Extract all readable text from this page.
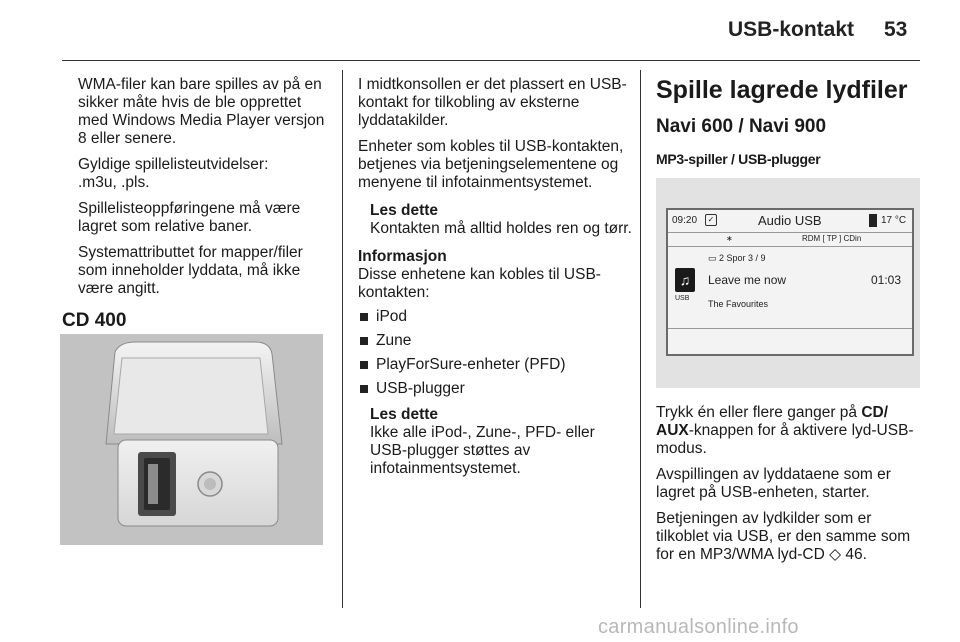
USB-kontakt 53

WMA-filer kan bare spilles av på en sikker måte hvis de ble opprettet med Windows Media Player versjon 8 eller senere.

Gyldige spillelisteutvidelser:
.m3u, .pls.

Spillelisteoppføringene må være lagret som relative baner.

Systemattributtet for mapper/filer som inneholder lyddata, må ikke være angitt.

CD 400

I midtkonsollen er det plassert en USB-kontakt for tilkobling av eksterne lyddatakilder.

Enheter som kobles til USB-kontakten, betjenes via betjeningselementene og menyene til infotainmentsystemet.

Les dette
Kontakten må alltid holdes ren og tørr.
Informasjon

Disse enhetene kan kobles til USB-kontakten:

iPod
Zune
PlayForSure-enheter (PFD)
USB-plugger
Les dette
Ikke alle iPod-, Zune-, PFD- eller USB-plugger støttes av infotainmentsystemet.
Spille lagrede lydfiler
Navi 600 / Navi 900
MP3-spiller / USB-plugger
09:20	✓	Audio USB	17 °C
∗	RDM [ TP ] CDin
▭ 2 Spor 3 / 9
♫
USB
Leave me now	01:03
The Favourites

Trykk én eller flere ganger på CD/
AUX-knappen for å aktivere lyd-USB-modus.

Avspillingen av lyddataene som er lagret på USB-enheten, starter.

Betjeningen av lydkilder som er tilkoblet via USB, er den samme som for en MP3/WMA lyd-CD ◇ 46.

carmanualsonline.info
